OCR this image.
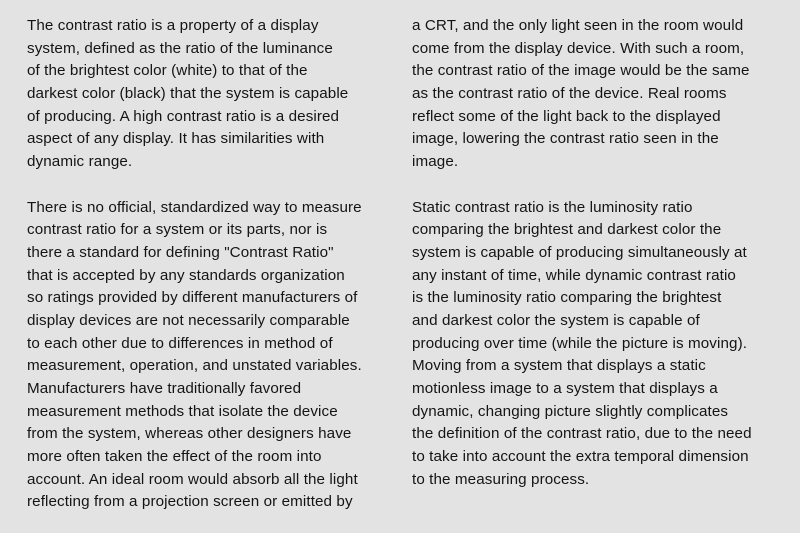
The contrast ratio is a property of a display
system, defined as the ratio of the luminance
of the brightest color (white) to that of the
darkest color (black) that the system is capable
of producing. A high contrast ratio is a desired
aspect of any display. It has similarities with
dynamic range.
There is no official, standardized way to measure
contrast ratio for a system or its parts, nor is
there a standard for defining "Contrast Ratio"
that is accepted by any standards organization
so ratings provided by different manufacturers of
display devices are not necessarily comparable
to each other due to differences in method of
measurement, operation, and unstated variables.
Manufacturers have traditionally favored
measurement methods that isolate the device
from the system, whereas other designers have
more often taken the effect of the room into
account. An ideal room would absorb all the light
reflecting from a projection screen or emitted by
a CRT, and the only light seen in the room would
come from the display device. With such a room,
the contrast ratio of the image would be the same
as the contrast ratio of the device. Real rooms
reflect some of the light back to the displayed
image, lowering the contrast ratio seen in the
image.
Static contrast ratio is the luminosity ratio
comparing the brightest and darkest color the
system is capable of producing simultaneously at
any instant of time, while dynamic contrast ratio
is the luminosity ratio comparing the brightest
and darkest color the system is capable of
producing over time (while the picture is moving).
Moving from a system that displays a static
motionless image to a system that displays a
dynamic, changing picture slightly complicates
the definition of the contrast ratio, due to the need
to take into account the extra temporal dimension
to the measuring process.
